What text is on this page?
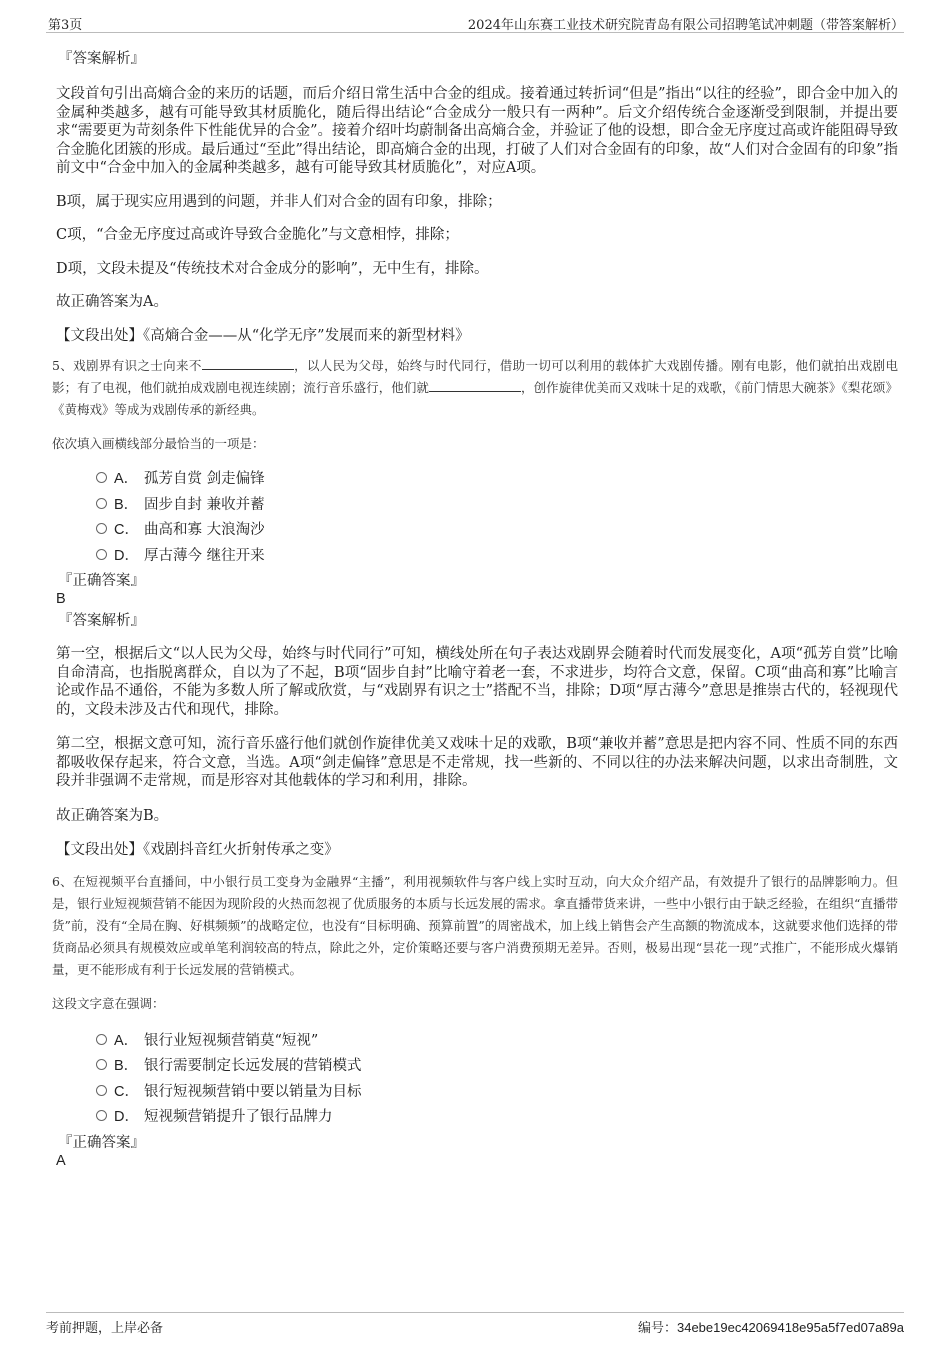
第3页	2024年山东赛工业技术研究院青岛有限公司招聘笔试冲刺题（带答案解析）
『答案解析』

文段首句引出高熵合金的来历的话题，而后介绍日常生活中合金的组成。接着通过转折词“但是”指出“以往的经验”，即合金中加入的金属种类越多，越有可能导致其材质脆化，随后得出结论“合金成分一般只有一两种”。后文介绍传统合金逐渐受到限制，并提出要求“需要更为苛刻条件下性能优异的合金”。接着介绍叶均蔚制备出高熵合金，并验证了他的设想，即合金无序度过高或许能阻碍导致合金脆化团簇的形成。最后通过“至此”得出结论，即高熵合金的出现，打破了人们对合金固有的印象，故“人们对合金固有的印象”指前文中“合金中加入的金属种类越多，越有可能导致其材质脆化”，对应A项。

B项，属于现实应用遇到的问题，并非人们对合金的固有印象，排除；

C项，“合金无序度过高或许导致合金脆化”与文意相悖，排除；

D项，文段未提及“传统技术对合金成分的影响”，无中生有，排除。

故正确答案为A。

【文段出处】《高熵合金——从“化学无序”发展而来的新型材料》

5、戏剧界有识之士向来不	，以人民为父母，始终与时代同行，借助一切可以利用的载体扩大戏剧传播。刚有电影，他们就拍出戏剧电影；有了电视，他们就拍成戏剧电视连续剧；流行音乐盛行，他们就	，创作旋律优美而又戏味十足的戏歌，《前门情思大碗茶》《梨花颂》《黄梅戏》等成为戏剧传承的新经典。

依次填入画横线部分最恰当的一项是：

A． 孤芳自赏 剑走偏锋
B． 固步自封 兼收并蓄
C． 曲高和寡 大浪淘沙
D． 厚古薄今 继往开来
『正确答案』
B
『答案解析』

第一空，根据后文“以人民为父母，始终与时代同行”可知，横线处所在句子表达戏剧界会随着时代而发展变化，A项“孤芳自赏”比喻自命清高，也指脱离群众，自以为了不起，B项“固步自封”比喻守着老一套，不求进步，均符合文意，保留。C项“曲高和寡”比喻言论或作品不通俗，不能为多数人所了解或欣赏，与“戏剧界有识之士”搭配不当，排除；D项“厚古薄今”意思是推崇古代的，轻视现代的，文段未涉及古代和现代，排除。

第二空，根据文意可知，流行音乐盛行他们就创作旋律优美又戏味十足的戏歌，B项“兼收并蓄”意思是把内容不同、性质不同的东西都吸收保存起来，符合文意，当选。A项“剑走偏锋”意思是不走常规，找一些新的、不同以往的办法来解决问题，以求出奇制胜，文段并非强调不走常规，而是形容对其他载体的学习和利用，排除。

故正确答案为B。

【文段出处】《戏剧抖音红火折射传承之变》

6、在短视频平台直播间，中小银行员工变身为金融界“主播”，利用视频软件与客户线上实时互动，向大众介绍产品，有效提升了银行的品牌影响力。但是，银行业短视频营销不能因为现阶段的火热而忽视了优质服务的本质与长远发展的需求。拿直播带货来讲，一些中小银行由于缺乏经验，在组织“直播带货”前，没有“全局在胸、好棋频频”的战略定位，也没有“目标明确、预算前置”的周密战术，加上线上销售会产生高额的物流成本，这就要求他们选择的带货商品必须具有规模效应或单笔利润较高的特点，除此之外，定价策略还要与客户消费预期无差异。否则，极易出现“昙花一现”式推广，不能形成火爆销量，更不能形成有利于长远发展的营销模式。

这段文字意在强调：

A． 银行业短视频营销莫“短视”
B． 银行需要制定长远发展的营销模式
C． 银行短视频营销中要以销量为目标
D． 短视频营销提升了银行品牌力
『正确答案』
A
考前押题，上岸必备	编号：34ebe19ec42069418e95a5f7ed07a89a
